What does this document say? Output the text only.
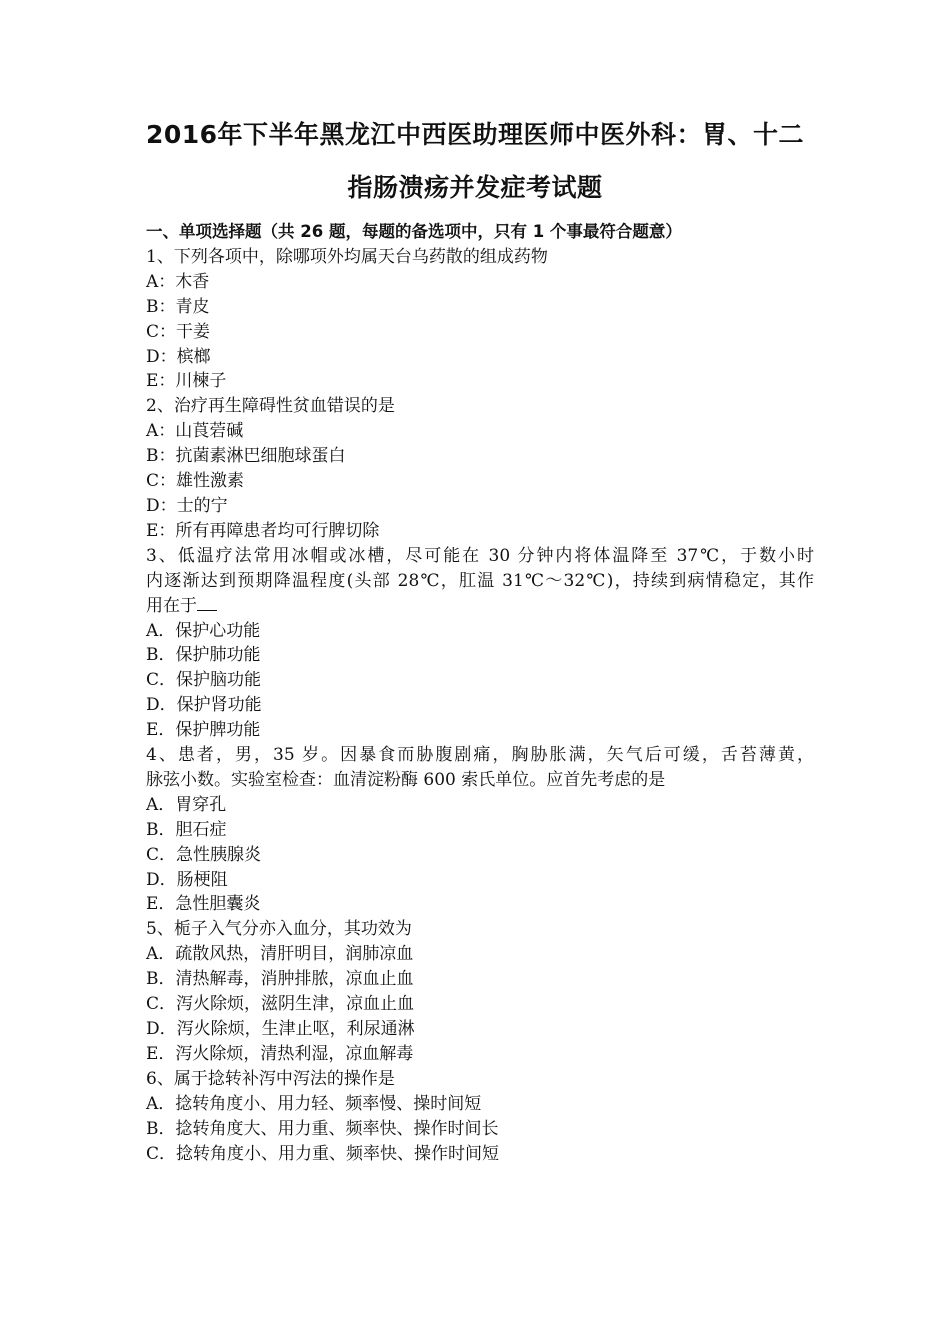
2016年下半年黑龙江中西医助理医师中医外科：胃、十二
指肠溃疡并发症考试题
一、单项选择题（共 26 题，每题的备选项中，只有 1 个事最符合题意）
1、下列各项中，除哪项外均属天台乌药散的组成药物
A：木香
B：青皮
C：干姜
D：槟榔
E：川楝子
2、治疗再生障碍性贫血错误的是
A：山莨菪碱
B：抗菌素淋巴细胞球蛋白
C：雄性激素
D：士的宁
E：所有再障患者均可行脾切除
3、低温疗法常用冰帽或冰槽，尽可能在 30 分钟内将体温降至 37℃，于数小时
内逐渐达到预期降温程度(头部 28℃，肛温 31℃～32℃)，持续到病情稳定，其作
用在于
A．保护心功能
B．保护肺功能
C．保护脑功能
D．保护肾功能
E．保护脾功能
4、患者，男，35 岁。因暴食而胁腹剧痛，胸胁胀满，矢气后可缓，舌苔薄黄，
脉弦小数。实验室检查：血清淀粉酶 600 索氏单位。应首先考虑的是
A．胃穿孔
B．胆石症
C．急性胰腺炎
D．肠梗阻
E．急性胆囊炎
5、栀子入气分亦入血分，其功效为
A．疏散风热，清肝明目，润肺凉血
B．清热解毒，消肿排脓，凉血止血
C．泻火除烦，滋阴生津，凉血止血
D．泻火除烦，生津止呕，利尿通淋
E．泻火除烦，清热利湿，凉血解毒
6、属于捻转补泻中泻法的操作是
A．捻转角度小、用力轻、频率慢、操时间短
B．捻转角度大、用力重、频率快、操作时间长
C．捻转角度小、用力重、频率快、操作时间短
